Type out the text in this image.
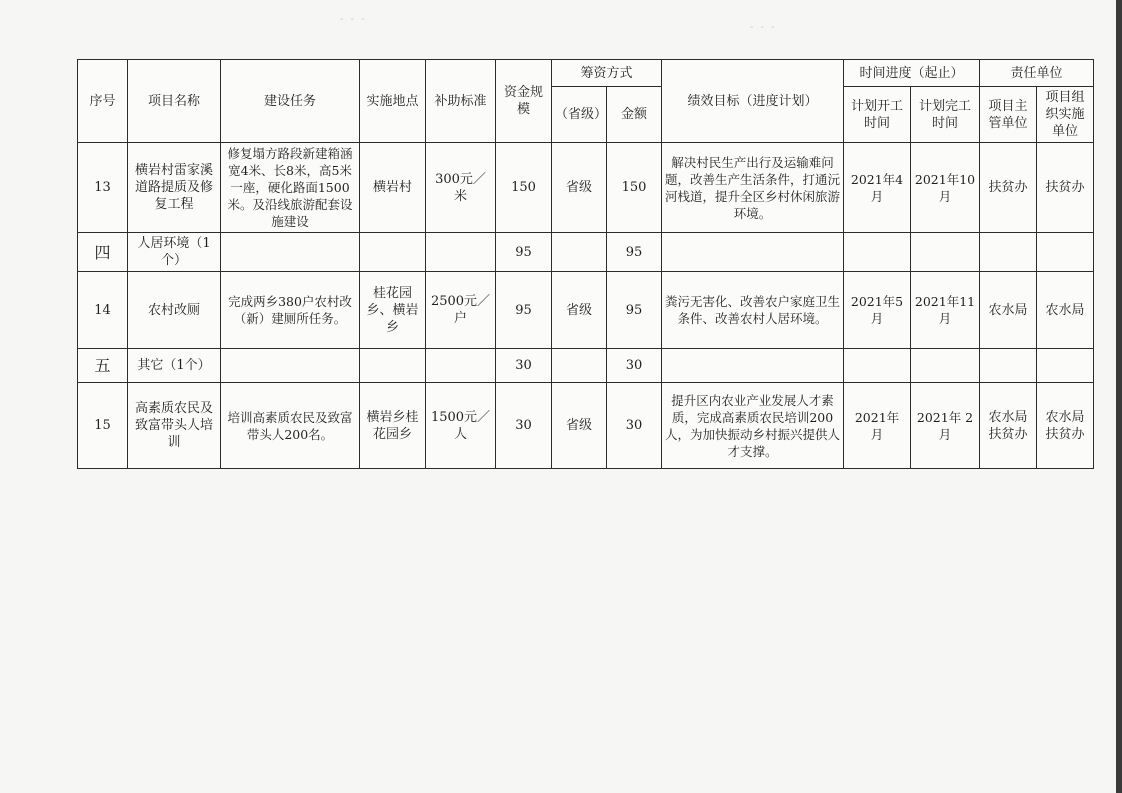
- - -
- - -
序号	项目名称	建设任务	实施地点	补助标准	资金规模	筹资方式		绩效目标（进度计划）	时间进度（起止）		责任单位	
						（省级）	金额		计划开工时间	计划完工时间	项目主管单位	项目组织实施单位
13	横岩村雷家溪道路提质及修复工程	修复塌方路段新建箱涵宽4米、长8米，高5米一座，硬化路面1500米。及沿线旅游配套设施建设	横岩村	300元／米	150	省级	150	解决村民生产出行及运输难问题，改善生产生活条件，打通沅河栈道，提升全区乡村休闲旅游环境。	2021年4月	2021年10月	扶贫办	扶贫办
四	人居环境（1个）				95		95					
14	农村改厕	完成两乡380户农村改（新）建厕所任务。	桂花园乡、横岩乡	2500元／户	95	省级	95	粪污无害化、改善农户家庭卫生条件、改善农村人居环境。	2021年5月	2021年11月	农水局	农水局
五	其它（1个）				30		30					
15	高素质农民及致富带头人培训	培训高素质农民及致富带头人200名。	横岩乡桂花园乡	1500元／人	30	省级	30	提升区内农业产业发展人才素质，完成高素质农民培训200人，为加快振动乡村振兴提供人才支撑。	2021年 月	2021年 2月	农水局扶贫办	农水局扶贫办
